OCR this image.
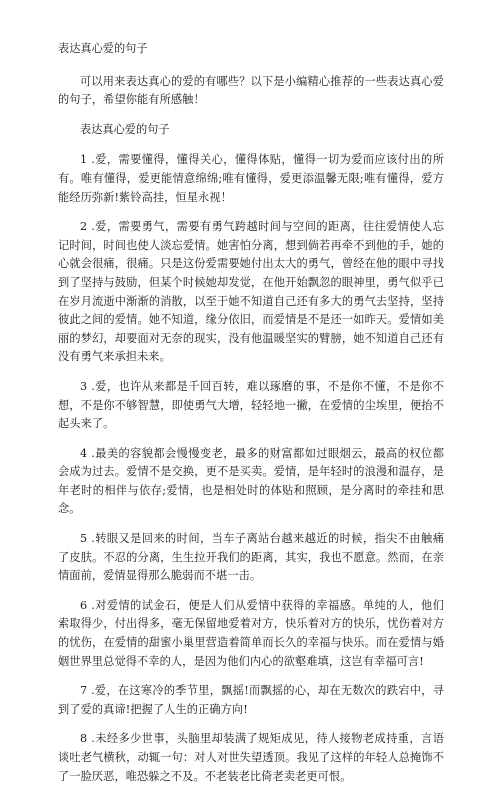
表达真心爱的句子

可以用来表达真心的爱的有哪些？以下是小编精心推荐的一些表达真心爱的句子，希望你能有所感触！

表达真心爱的句子

1 .爱，需要懂得，懂得关心，懂得体贴，懂得一切为爱而应该付出的所有。唯有懂得，爱更能情意绵绵;唯有懂得，爱更添温馨无限;唯有懂得，爱方能经历弥新!紫铃高挂，恒星永视！

2 .爱，需要勇气，需要有勇气跨越时间与空间的距离，往往爱情使人忘记时间，时间也使人淡忘爱情。她害怕分离，想到倘若再牵不到他的手，她的心就会很痛，很痛。只是这份爱需要她付出太大的勇气，曾经在他的眼中寻找到了坚持与鼓励，但某个时候她却发觉，在他开始飘忽的眼神里，勇气似乎已在岁月流逝中渐渐的消散，以至于她不知道自己还有多大的勇气去坚持，坚持彼此之间的爱情。她不知道，缘分依旧，而爱情是不是还一如昨天。爱情如美丽的梦幻，却要面对无奈的现实，没有他温暖坚实的臂膀，她不知道自己还有没有勇气来承担未来。

3 .爱，也许从来都是千回百转，难以琢磨的事，不是你不懂，不是你不想，不是你不够智慧，即使勇气大增，轻轻地一撇，在爱情的尘埃里，便抬不起头来了。

4 .最美的容貌都会慢慢变老，最多的财富都如过眼烟云，最高的权位都会成为过去。爱情不是交换，更不是买卖。爱情，是年轻时的浪漫和温存，是年老时的相伴与依存;爱情，也是相处时的体贴和照顾，是分离时的牵挂和思念。

5 .转眼又是回来的时间，当车子离站台越来越近的时候，指尖不由触痛了皮肤。不忍的分离，生生拉开我们的距离，其实，我也不愿意。然而，在亲情面前，爱情显得那么脆弱而不堪一击。

6 .对爱情的试金石，便是人们从爱情中获得的幸福感。单纯的人，他们索取得少，付出得多，毫无保留地爱着对方，快乐着对方的快乐，忧伤着对方的忧伤，在爱情的甜蜜小巢里营造着简单而长久的幸福与快乐。而在爱情与婚姻世界里总觉得不幸的人，是因为他们内心的欲壑难填，这岂有幸福可言!

7 .爱，在这寒冷的季节里，飘摇!而飘摇的心，却在无数次的跌宕中，寻到了爱的真谛!把握了人生的正确方向!

8 .未经多少世事，头脑里却装满了规矩成见，待人接物老成持重，言语谈吐老气横秋，动辄一句：对人对世失望透顶。我见了这样的年轻人总掩饰不了一脸厌恶，唯恐躲之不及。不老装老比倚老卖老更可恨。
